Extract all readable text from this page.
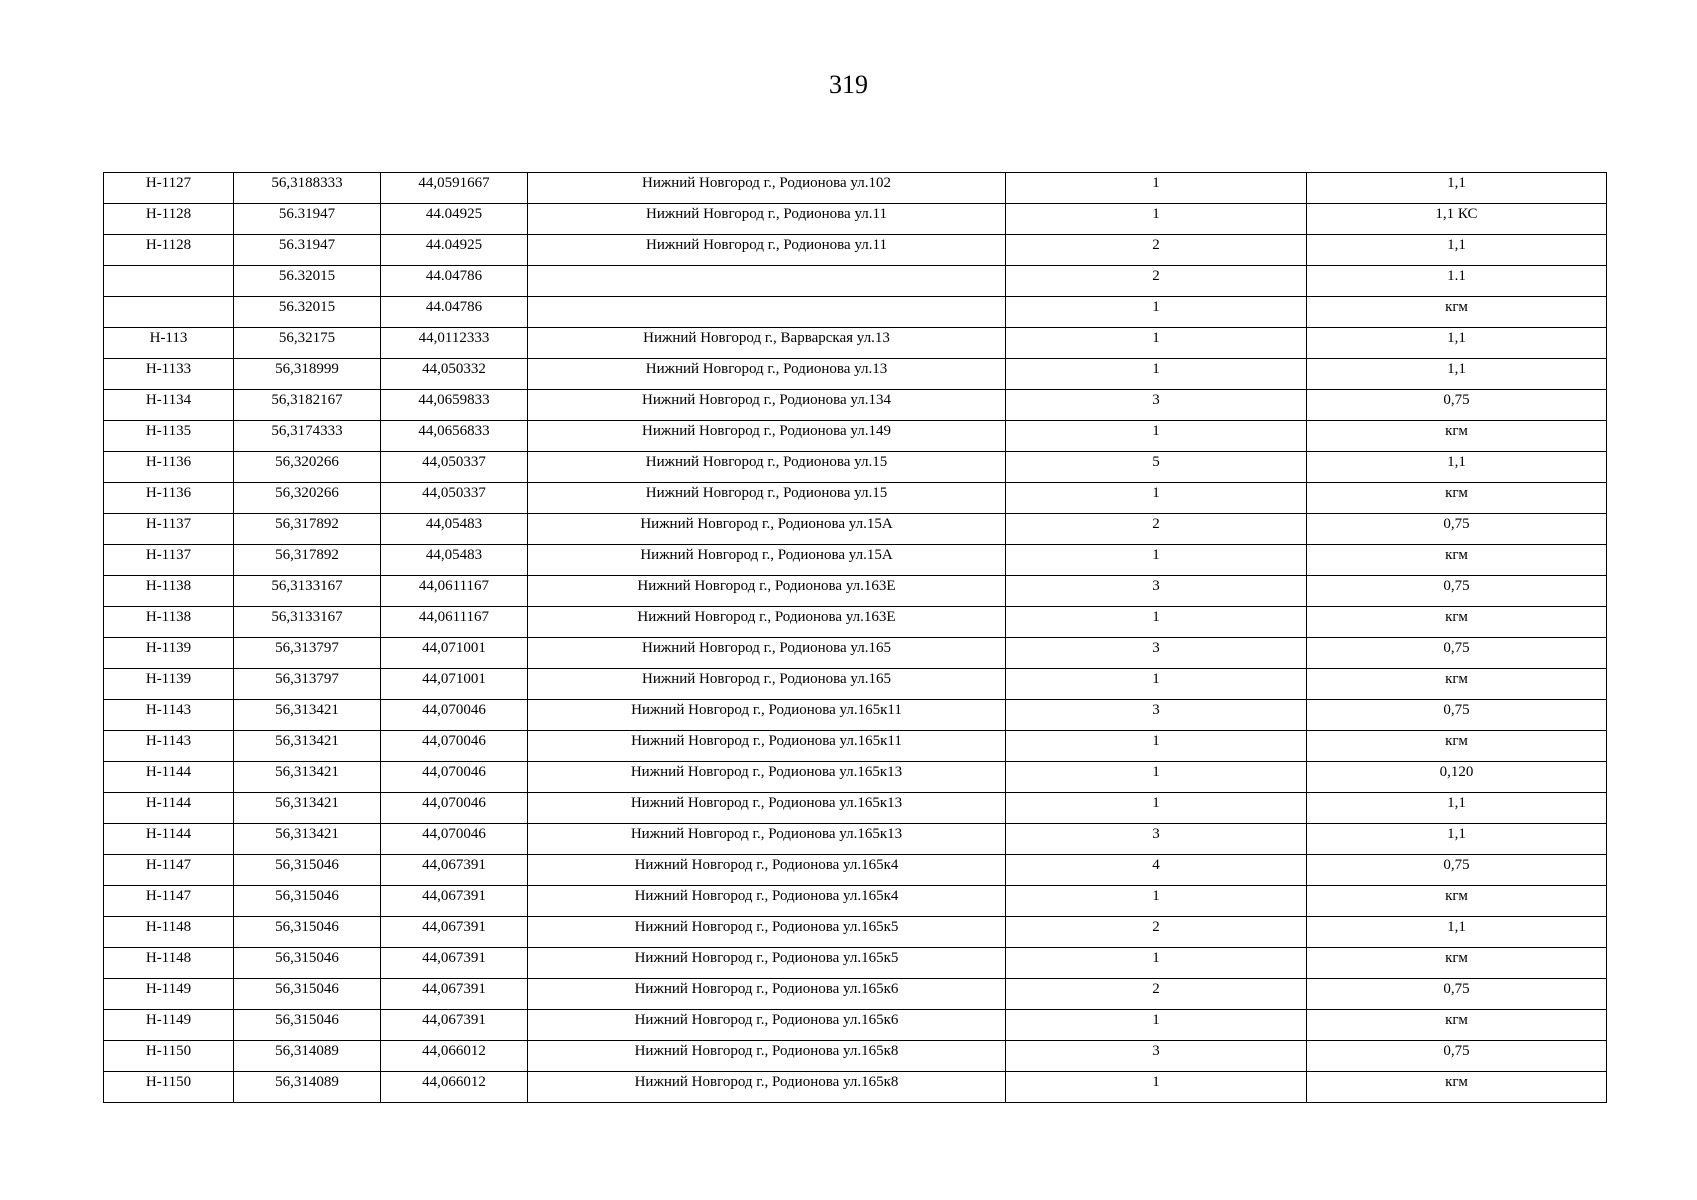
319
Н-1127	56,3188333	44,0591667	Нижний Новгород г., Родионова ул.102	1	1,1
Н-1128	56.31947	44.04925	Нижний Новгород г., Родионова ул.11	1	1,1 КС
Н-1128	56.31947	44.04925	Нижний Новгород г., Родионова ул.11	2	1,1
	56.32015	44.04786		2	1.1
	56.32015	44.04786		1	кгм
Н-113	56,32175	44,0112333	Нижний Новгород г., Варварская ул.13	1	1,1
Н-1133	56,318999	44,050332	Нижний Новгород г., Родионова ул.13	1	1,1
Н-1134	56,3182167	44,0659833	Нижний Новгород г., Родионова ул.134	3	0,75
Н-1135	56,3174333	44,0656833	Нижний Новгород г., Родионова ул.149	1	кгм
Н-1136	56,320266	44,050337	Нижний Новгород г., Родионова ул.15	5	1,1
Н-1136	56,320266	44,050337	Нижний Новгород г., Родионова ул.15	1	кгм
Н-1137	56,317892	44,05483	Нижний Новгород г., Родионова ул.15А	2	0,75
Н-1137	56,317892	44,05483	Нижний Новгород г., Родионова ул.15А	1	кгм
Н-1138	56,3133167	44,0611167	Нижний Новгород г., Родионова ул.163Е	3	0,75
Н-1138	56,3133167	44,0611167	Нижний Новгород г., Родионова ул.163Е	1	кгм
Н-1139	56,313797	44,071001	Нижний Новгород г., Родионова ул.165	3	0,75
Н-1139	56,313797	44,071001	Нижний Новгород г., Родионова ул.165	1	кгм
Н-1143	56,313421	44,070046	Нижний Новгород г., Родионова ул.165к11	3	0,75
Н-1143	56,313421	44,070046	Нижний Новгород г., Родионова ул.165к11	1	кгм
Н-1144	56,313421	44,070046	Нижний Новгород г., Родионова ул.165к13	1	0,120
Н-1144	56,313421	44,070046	Нижний Новгород г., Родионова ул.165к13	1	1,1
Н-1144	56,313421	44,070046	Нижний Новгород г., Родионова ул.165к13	3	1,1
Н-1147	56,315046	44,067391	Нижний Новгород г., Родионова ул.165к4	4	0,75
Н-1147	56,315046	44,067391	Нижний Новгород г., Родионова ул.165к4	1	кгм
Н-1148	56,315046	44,067391	Нижний Новгород г., Родионова ул.165к5	2	1,1
Н-1148	56,315046	44,067391	Нижний Новгород г., Родионова ул.165к5	1	кгм
Н-1149	56,315046	44,067391	Нижний Новгород г., Родионова ул.165к6	2	0,75
Н-1149	56,315046	44,067391	Нижний Новгород г., Родионова ул.165к6	1	кгм
Н-1150	56,314089	44,066012	Нижний Новгород г., Родионова ул.165к8	3	0,75
Н-1150	56,314089	44,066012	Нижний Новгород г., Родионова ул.165к8	1	кгм
